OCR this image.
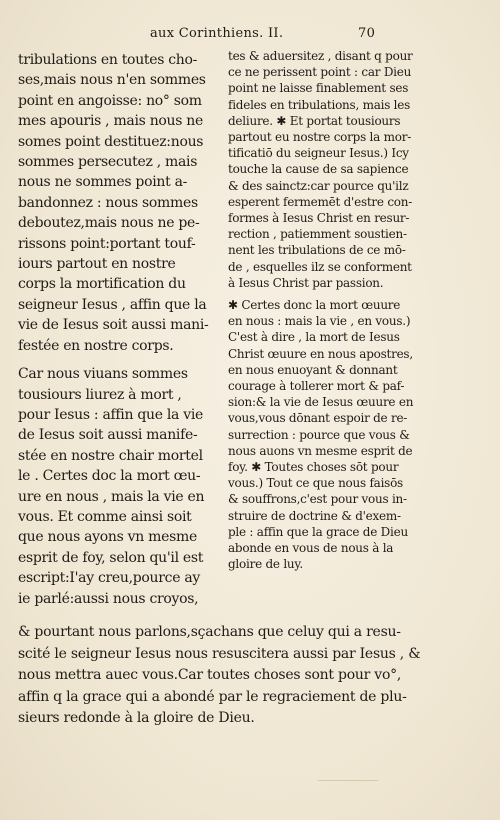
aux Corinthiens. II.	70
tribulations en toutes cho-
ses,mais nous n'en sommes
point en angoisse: no° som
mes apouris , mais nous ne
somes point destituez:nous
sommes persecutez , mais
nous ne sommes point a-
bandonnez : nous sommes
deboutez,mais nous ne pe-
rissons point:portant touf-
iours partout en nostre
corps la mortification du
seigneur Iesus , affin que la
vie de Iesus soit aussi mani-
festée en nostre corps.
Car nous viuans sommes
tousiours liurez à mort ,
pour Iesus : affin que la vie
de Iesus soit aussi manife-
stée en nostre chair mortel
le . Certes doc la mort œu-
ure en nous , mais la vie en
vous. Et comme ainsi soit
que nous ayons vn mesme
esprit de foy, selon qu'il est
escript:I'ay creu,pource ay
ie parlé:aussi nous croyos,
tes & aduersitez , disant q pour
ce ne perissent point : car Dieu
point ne laisse finablement ses
fideles en tribulations, mais les
deliure. ✱ Et portat tousiours
partout eu nostre corps la mor-
tificatiō du seigneur Iesus.) Icy
touche la cause de sa sapience
& des sainctz:car pource qu'ilz
esperent fermemēt d'estre con-
formes à Iesus Christ en resur-
rection , patiemment soustien-
nent les tribulations de ce mō-
de , esquelles ilz se conforment
à Iesus Christ par passion.
✱ Certes donc la mort œuure
en nous : mais la vie , en vous.)
C'est à dire , la mort de Iesus
Christ œuure en nous apostres,
en nous enuoyant & donnant
courage à tollerer mort & paf-
sion:& la vie de Iesus œuure en
vous,vous dōnant espoir de re-
surrection : pource que vous &
nous auons vn mesme esprit de
foy. ✱ Toutes choses sōt pour
vous.) Tout ce que nous faisōs
& souffrons,c'est pour vous in-
struire de doctrine & d'exem-
ple : affin que la grace de Dieu
abonde en vous de nous à la
gloire de luy.
& pourtant nous parlons,sçachans que celuy qui a resu-
scité le seigneur Iesus nous resuscitera aussi par Iesus , &
nous mettra auec vous.Car toutes choses sont pour vo°,
affin q la grace qui a abondé par le regraciement de plu-
sieurs redonde à la gloire de Dieu.
